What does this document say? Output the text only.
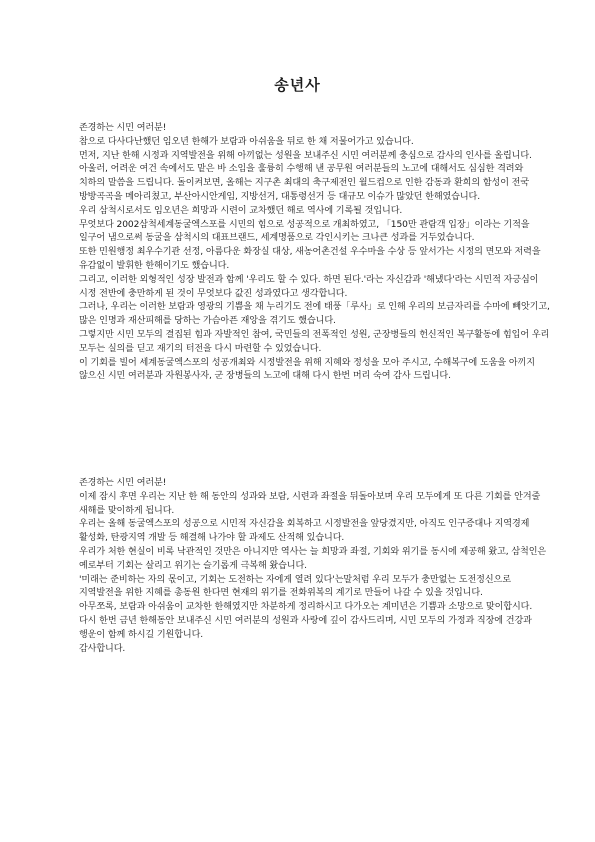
송년사

존경하는 시민 여러분!

참으로 다사다난했던 임오년 한해가 보람과 아쉬움을 뒤로 한 채 저물어가고 있습니다.

먼저, 지난 한해 시정과 지역발전을 위해 아끼없는 성원을 보내주신 시민 여러분께 충심으로 감사의 인사를 올립니다.

아울러, 어려운 여건 속에서도 맡은 바 소임을 훌륭히 수행해 낸 공무원 여러분들의 노고에 대해서도 심심한 격려와 치하의 말씀을 드립니다. 돌이켜보면, 올해는 지구촌 최대의 축구제전인 월드컵으로 인한 감동과 환희의 함성이 전국 방방곡곡을 메아리쳤고, 부산아시안게임, 지방선거, 대통령선거 등 대규모 이슈가 많았던 한해였습니다.

우리 삼척시로서도 임오년은 희망과 시련이 교차했던 해로 역사에 기록될 것입니다.

무엇보다 2002삼척세계동굴엑스포를 시민의 힘으로 성공적으로 개최하였고, 「150만 관람객 입장」이라는 기적을 일구어 냄으로써 동굴을 삼척시의 대표브랜드, 세계명품으로 각인시키는 크나큰 성과를 거두었습니다.

또한 민원행정 최우수기관 선정, 아름다운 화장실 대상, 새농어촌건설 우수마을 수상 등 앞서가는 시정의 면모와 저력을 유감없이 발휘한 한해이기도 했습니다.

그리고, 이러한 외형적인 성장 발전과 함께 '우리도 할 수 있다. 하면 된다.'라는 자신감과 '해냈다'라는 시민적 자긍심이 시정 전반에 충만하게 된 것이 무엇보다 값진 성과였다고 생각합니다.

그러나, 우리는 이러한 보람과 영광의 기쁨을 채 누리기도 전에 태풍「루사」로 인해 우리의 보금자리를 수마에 빼앗기고, 많은 인명과 재산피해를 당하는 가슴아픈 재앙을 겪기도 했습니다.

그렇지만 시민 모두의 결집된 힘과 자발적인 참여, 국민들의 전폭적인 성원, 군장병들의 헌신적인 복구활동에 힘입어 우리 모두는 실의를 딛고 재기의 터전을 다시 마련할 수 있었습니다.

이 기회를 빌어 세계동굴엑스포의 성공개최와 시정발전을 위해 지혜와 정성을 모아 주시고, 수해복구에 도움을 아끼지 않으신 시민 여러분과 자원봉사자, 군 장병들의 노고에 대해 다시 한번 머리 숙여 감사 드립니다.

존경하는 시민 여러분!

이제 잠시 후면 우리는 지난 한 해 동안의 성과와 보람, 시련과 좌절을 뒤돌아보며 우리 모두에게 또 다른 기회를 안겨줄 새해를 맞이하게 됩니다.

우리는 올해 동굴엑스포의 성공으로 시민적 자신감을 회복하고 시정발전을 앞당겼지만, 아직도 인구증대나 지역경제 활성화, 탄광지역 개발 등 해결해 나가야 할 과제도 산적해 있습니다.

우리가 처한 현실이 비록 낙관적인 것만은 아니지만 역사는 늘 희망과 좌절, 기회와 위기를 동시에 제공해 왔고, 삼척인은 예로부터 기회는 살리고 위기는 슬기롭게 극복해 왔습니다.

'미래는 준비하는 자의 몫이고, 기회는 도전하는 자에게 열려 있다'는말처럼 우리 모두가 충만없는 도전정신으로 지역발전을 위한 지혜를 총동원 한다면 현재의 위기를 전화위복의 계기로 만들어 나갈 수 있을 것입니다.

아무쪼록, 보람과 아쉬움이 교차한 한해였지만 차분하게 정리하시고 다가오는 계미년은 기쁨과 소망으로 맞이합시다.

다시 한번 금년 한해동안 보내주신 시민 여러분의 성원과 사랑에 깊이 감사드리며, 시민 모두의 가정과 직장에 건강과 행운이 함께 하시길 기원합니다.

감사합니다.
